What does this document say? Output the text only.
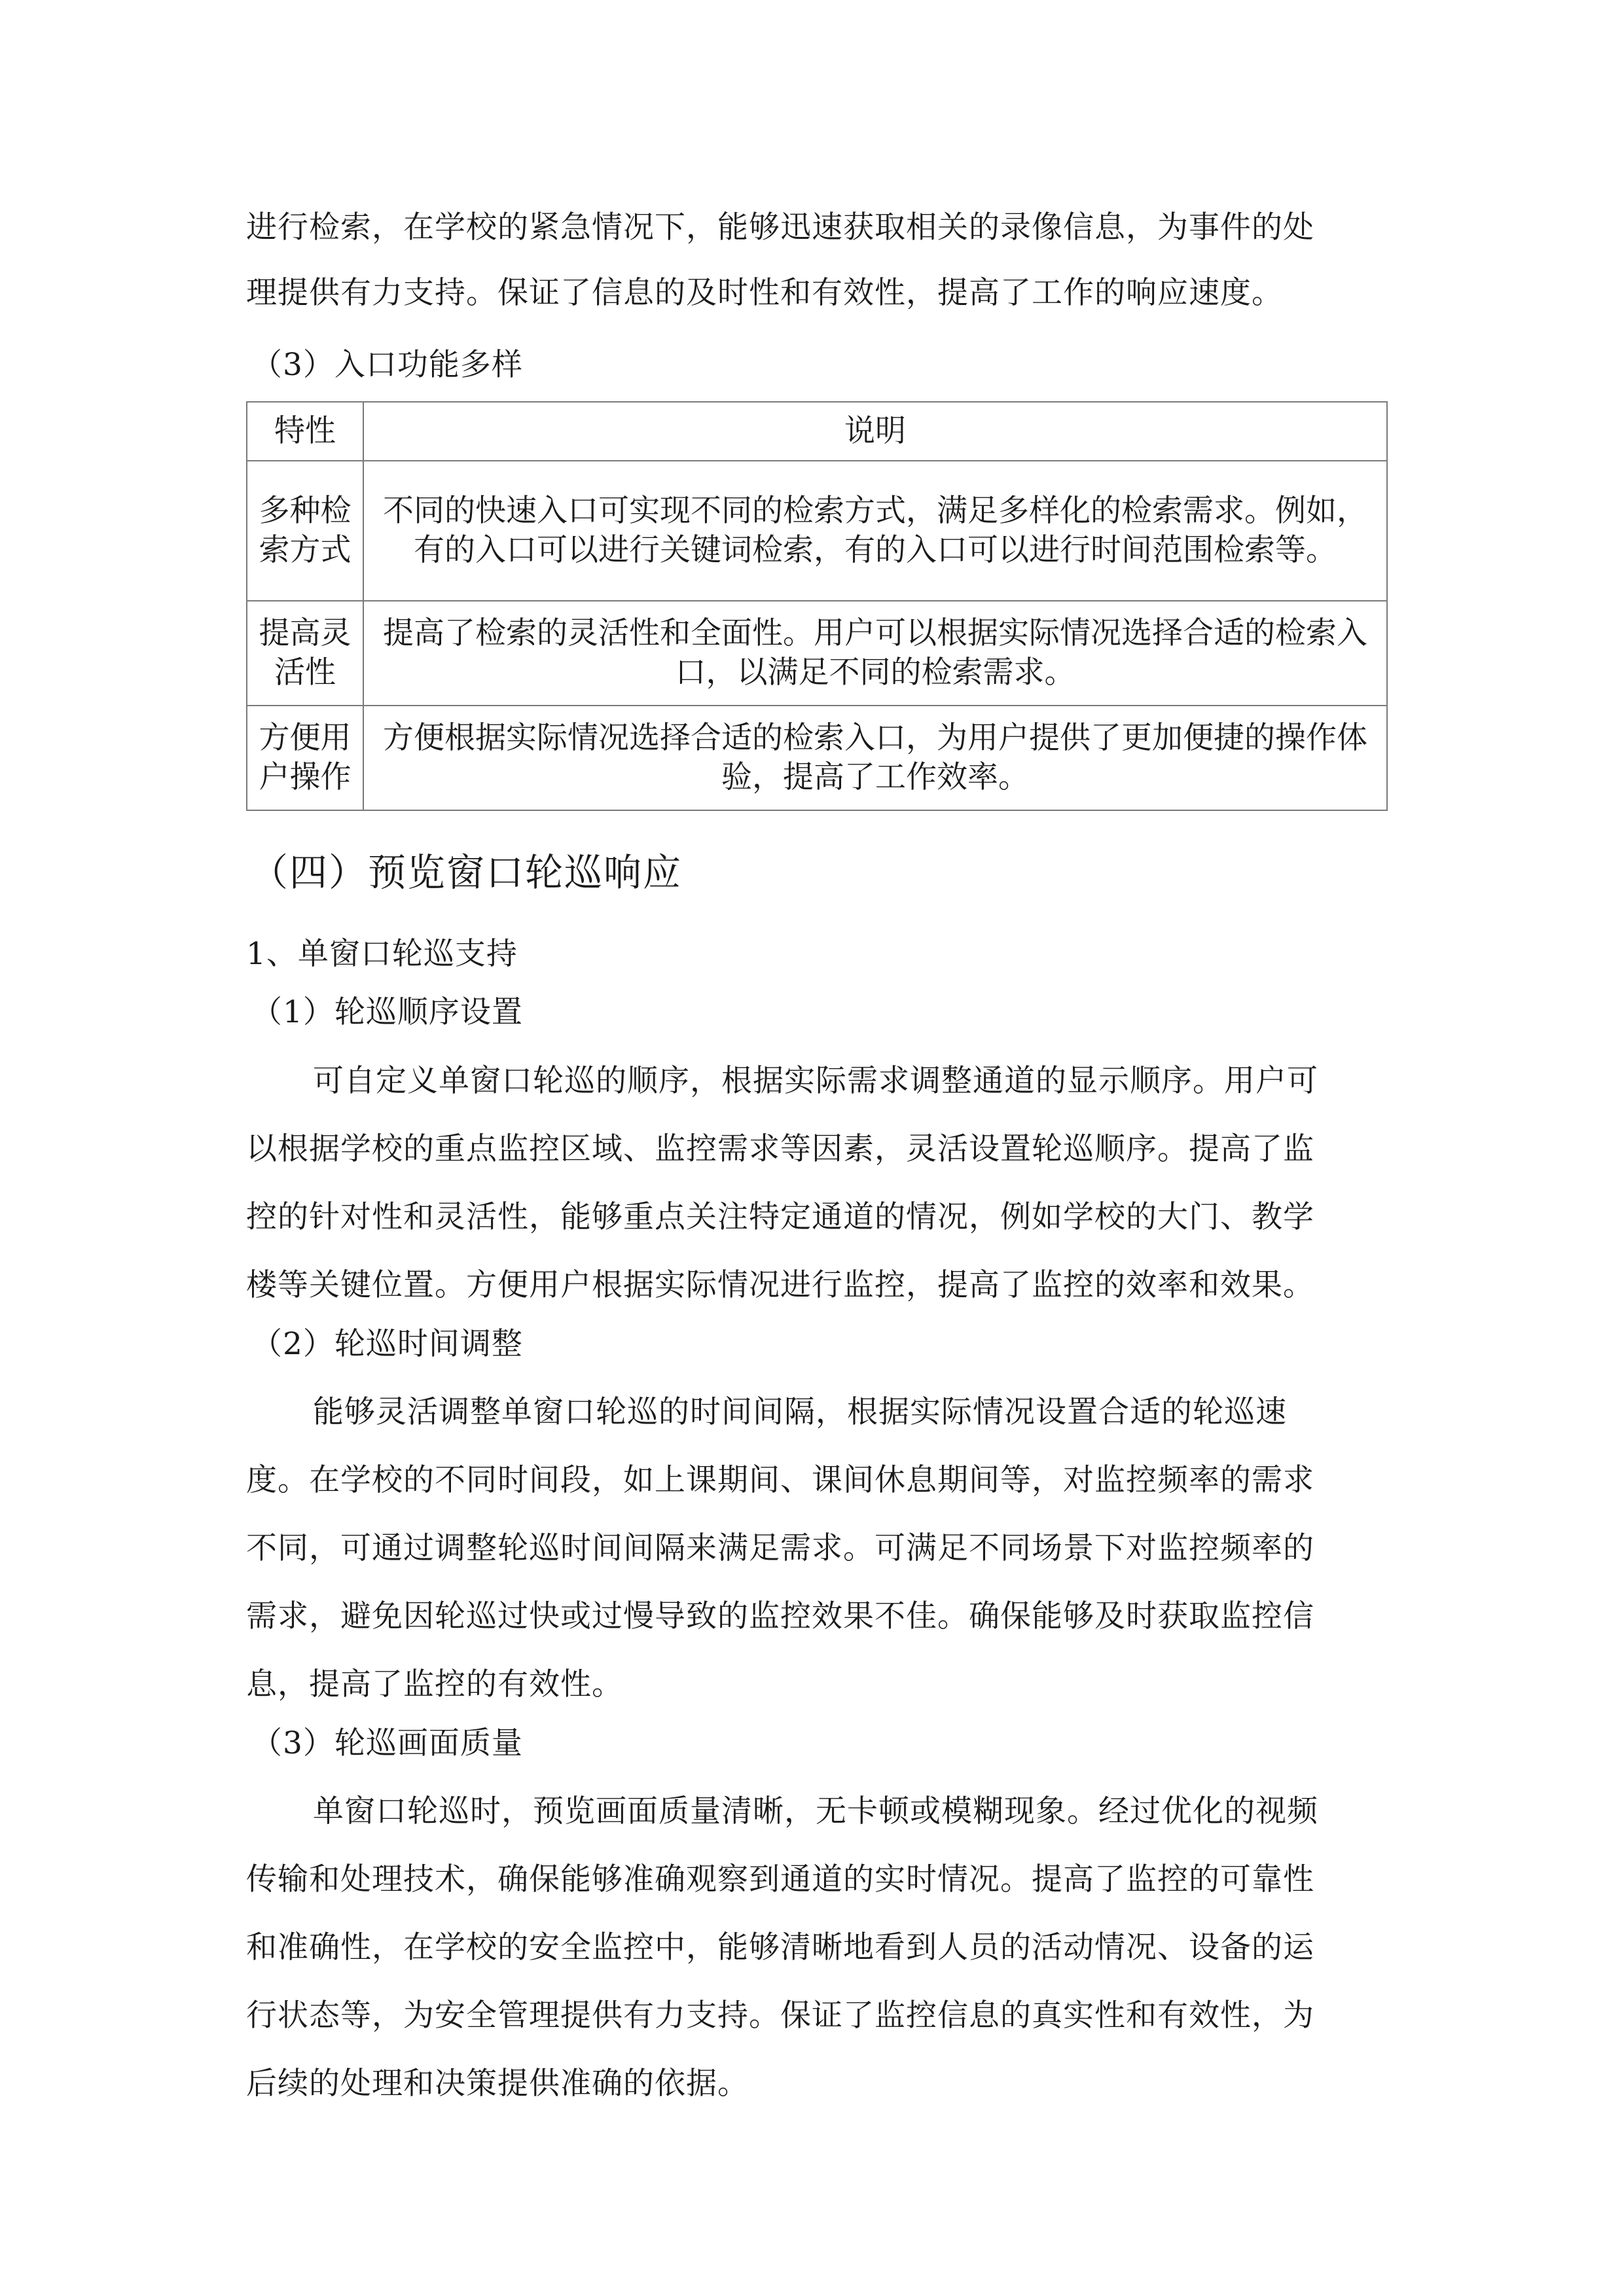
进行检索，在学校的紧急情况下，能够迅速获取相关的录像信息，为事件的处
理提供有力支持。保证了信息的及时性和有效性，提高了工作的响应速度。
（3）入口功能多样
特性	说明
多种检索方式	不同的快速入口可实现不同的检索方式，满足多样化的检索需求。例如，有的入口可以进行关键词检索，有的入口可以进行时间范围检索等。
提高灵活性	提高了检索的灵活性和全面性。用户可以根据实际情况选择合适的检索入口，以满足不同的检索需求。
方便用户操作	方便根据实际情况选择合适的检索入口，为用户提供了更加便捷的操作体验，提高了工作效率。
（四）预览窗口轮巡响应
1、单窗口轮巡支持
（1）轮巡顺序设置
可自定义单窗口轮巡的顺序，根据实际需求调整通道的显示顺序。用户可
以根据学校的重点监控区域、监控需求等因素，灵活设置轮巡顺序。提高了监
控的针对性和灵活性，能够重点关注特定通道的情况，例如学校的大门、教学
楼等关键位置。方便用户根据实际情况进行监控，提高了监控的效率和效果。
（2）轮巡时间调整
能够灵活调整单窗口轮巡的时间间隔，根据实际情况设置合适的轮巡速
度。在学校的不同时间段，如上课期间、课间休息期间等，对监控频率的需求
不同，可通过调整轮巡时间间隔来满足需求。可满足不同场景下对监控频率的
需求，避免因轮巡过快或过慢导致的监控效果不佳。确保能够及时获取监控信
息，提高了监控的有效性。
（3）轮巡画面质量
单窗口轮巡时，预览画面质量清晰，无卡顿或模糊现象。经过优化的视频
传输和处理技术，确保能够准确观察到通道的实时情况。提高了监控的可靠性
和准确性，在学校的安全监控中，能够清晰地看到人员的活动情况、设备的运
行状态等，为安全管理提供有力支持。保证了监控信息的真实性和有效性，为
后续的处理和决策提供准确的依据。
